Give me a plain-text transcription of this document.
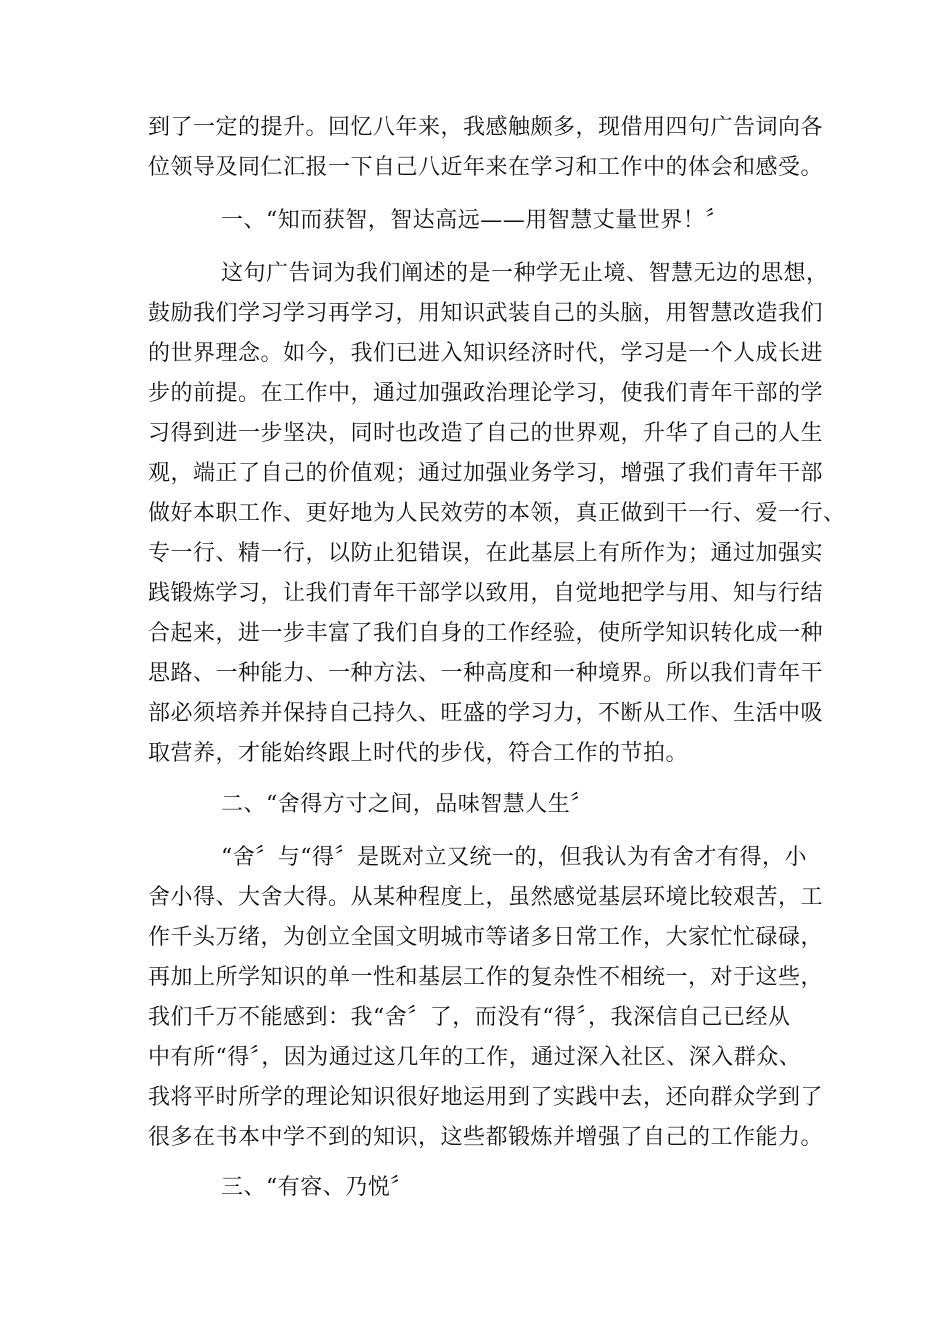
到了一定的提升。回忆八年来，我感触颇多，现借用四句广告词向各
位领导及同仁汇报一下自己八近年来在学习和工作中的体会和感受。
一、“知而获智，智达高远——用智慧丈量世界！〞
这句广告词为我们阐述的是一种学无止境、智慧无边的思想，
鼓励我们学习学习再学习，用知识武装自己的头脑，用智慧改造我们
的世界理念。如今，我们已进入知识经济时代，学习是一个人成长进
步的前提。在工作中，通过加强政治理论学习，使我们青年干部的学
习得到进一步坚决，同时也改造了自己的世界观，升华了自己的人生
观，端正了自己的价值观；通过加强业务学习，增强了我们青年干部
做好本职工作、更好地为人民效劳的本领，真正做到干一行、爱一行、
专一行、精一行，以防止犯错误，在此基层上有所作为；通过加强实
践锻炼学习，让我们青年干部学以致用，自觉地把学与用、知与行结
合起来，进一步丰富了我们自身的工作经验，使所学知识转化成一种
思路、一种能力、一种方法、一种高度和一种境界。所以我们青年干
部必须培养并保持自己持久、旺盛的学习力，不断从工作、生活中吸
取营养，才能始终跟上时代的步伐，符合工作的节拍。
二、“舍得方寸之间，品味智慧人生〞
“舍〞与“得〞是既对立又统一的，但我认为有舍才有得，小
舍小得、大舍大得。从某种程度上，虽然感觉基层环境比较艰苦，工
作千头万绪，为创立全国文明城市等诸多日常工作，大家忙忙碌碌，
再加上所学知识的单一性和基层工作的复杂性不相统一，对于这些，
我们千万不能感到：我“舍〞了，而没有“得〞，我深信自己已经从
中有所“得〞，因为通过这几年的工作，通过深入社区、深入群众、
我将平时所学的理论知识很好地运用到了实践中去，还向群众学到了
很多在书本中学不到的知识，这些都锻炼并增强了自己的工作能力。
三、“有容、乃悦〞
